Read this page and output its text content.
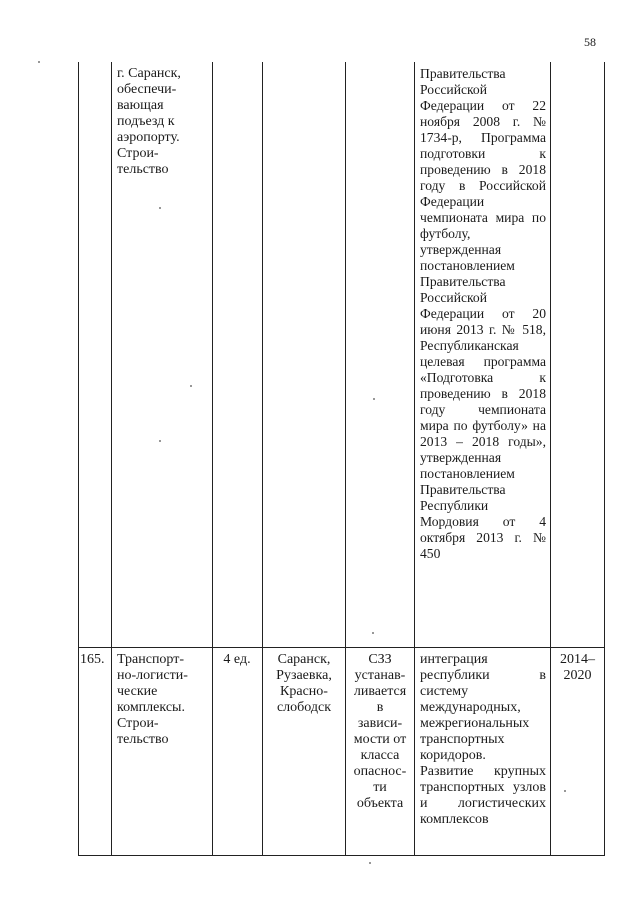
58
г. Саранск,
обеспечи-
вающая
подъезд к
аэропорту.
Строи-
тельство
Правительства Российской Федерации от 22 ноября 2008 г. № 1734-р, Программа подготовки к проведению в 2018 году в Российской Федерации чемпионата мира по футболу, утвержденная постановлением Правительства Российской Федерации от 20 июня 2013 г. № 518, Республиканская целевая программа «Подготовка к проведению в 2018 году чемпионата мира по футболу» на 2013 – 2018 годы», утвержденная постановлением Правительства Республики Мордовия от 4 октября 2013 г. № 450
165. Транспорт-
но-логисти-
ческие
комплексы.
Строи-
тельство
4 ед.	Саранск,
Рузаевка,
Красно-
слободск
СЗЗ
устанав-
ливается
в
зависи-
мости от
класса
опаснос-
ти
объекта
интеграция республики в систему международных, межрегиональных транспортных коридоров.
Развитие крупных транспортных узлов и логистических комплексов
2014–
2020
